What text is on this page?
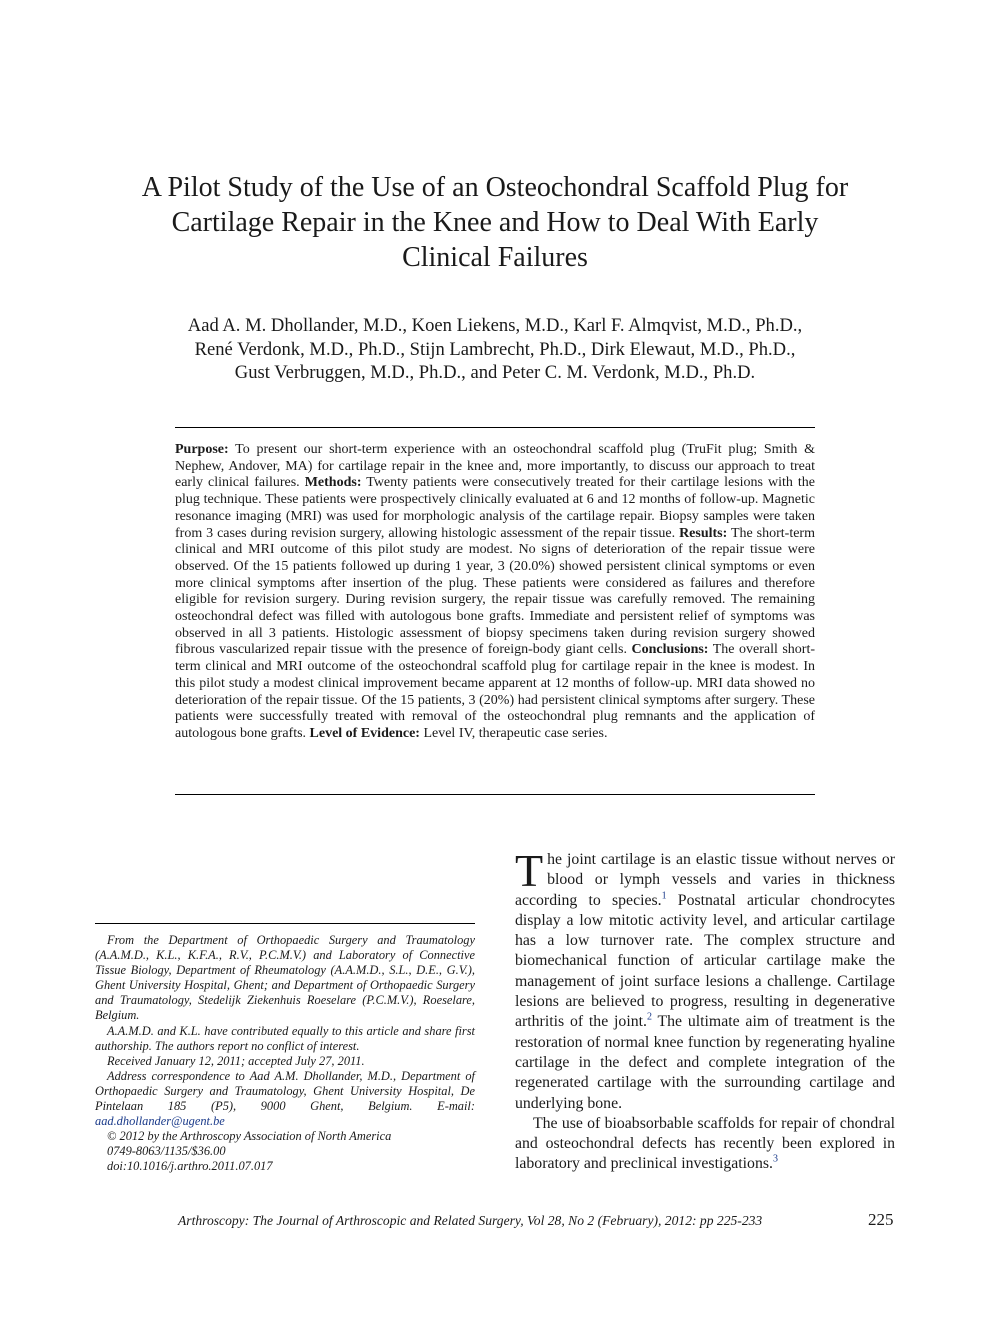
A Pilot Study of the Use of an Osteochondral Scaffold Plug for
Cartilage Repair in the Knee and How to Deal With Early
Clinical Failures
Aad A. M. Dhollander, M.D., Koen Liekens, M.D., Karl F. Almqvist, M.D., Ph.D.,
René Verdonk, M.D., Ph.D., Stijn Lambrecht, Ph.D., Dirk Elewaut, M.D., Ph.D.,
Gust Verbruggen, M.D., Ph.D., and Peter C. M. Verdonk, M.D., Ph.D.
Purpose: To present our short-term experience with an osteochondral scaffold plug (TruFit plug; Smith & Nephew, Andover, MA) for cartilage repair in the knee and, more importantly, to discuss our approach to treat early clinical failures. Methods: Twenty patients were consecutively treated for their cartilage lesions with the plug technique. These patients were prospectively clinically evaluated at 6 and 12 months of follow-up. Magnetic resonance imaging (MRI) was used for morphologic analysis of the cartilage repair. Biopsy samples were taken from 3 cases during revision surgery, allowing histologic assessment of the repair tissue. Results: The short-term clinical and MRI outcome of this pilot study are modest. No signs of deterioration of the repair tissue were observed. Of the 15 patients followed up during 1 year, 3 (20.0%) showed persistent clinical symptoms or even more clinical symptoms after insertion of the plug. These patients were considered as failures and therefore eligible for revision surgery. During revision surgery, the repair tissue was carefully removed. The remaining osteochondral defect was filled with autologous bone grafts. Immediate and persistent relief of symptoms was observed in all 3 patients. Histologic assessment of biopsy specimens taken during revision surgery showed fibrous vascularized repair tissue with the presence of foreign-body giant cells. Conclusions: The overall short-term clinical and MRI outcome of the osteochondral scaffold plug for cartilage repair in the knee is modest. In this pilot study a modest clinical improvement became apparent at 12 months of follow-up. MRI data showed no deterioration of the repair tissue. Of the 15 patients, 3 (20%) had persistent clinical symptoms after surgery. These patients were successfully treated with removal of the osteochondral plug remnants and the application of autologous bone grafts. Level of Evidence: Level IV, therapeutic case series.

From the Department of Orthopaedic Surgery and Traumatology (A.A.M.D., K.L., K.F.A., R.V., P.C.M.V.) and Laboratory of Connective Tissue Biology, Department of Rheumatology (A.A.M.D., S.L., D.E., G.V.), Ghent University Hospital, Ghent; and Department of Orthopaedic Surgery and Traumatology, Stedelijk Ziekenhuis Roeselare (P.C.M.V.), Roeselare, Belgium.

A.A.M.D. and K.L. have contributed equally to this article and share first authorship. The authors report no conflict of interest.

Received January 12, 2011; accepted July 27, 2011.

Address correspondence to Aad A.M. Dhollander, M.D., Department of Orthopaedic Surgery and Traumatology, Ghent University Hospital, De Pintelaan 185 (P5), 9000 Ghent, Belgium. E-mail: aad.dhollander@ugent.be

© 2012 by the Arthroscopy Association of North America

0749-8063/1135/$36.00

doi:10.1016/j.arthro.2011.07.017

The joint cartilage is an elastic tissue without nerves or blood or lymph vessels and varies in thickness according to species.$^1$ Postnatal articular chondrocytes display a low mitotic activity level, and articular cartilage has a low turnover rate. The complex structure and biomechanical function of articular cartilage make the management of joint surface lesions a challenge. Cartilage lesions are believed to progress, resulting in degenerative arthritis of the joint.$^2$ The ultimate aim of treatment is the restoration of normal knee function by regenerating hyaline cartilage in the defect and complete integration of the regenerated cartilage with the surrounding cartilage and underlying bone.

The use of bioabsorbable scaffolds for repair of chondral and osteochondral defects has recently been explored in laboratory and preclinical investigations.$^3$

Arthroscopy: The Journal of Arthroscopic and Related Surgery, Vol 28, No 2 (February), 2012: pp 225-233	225
